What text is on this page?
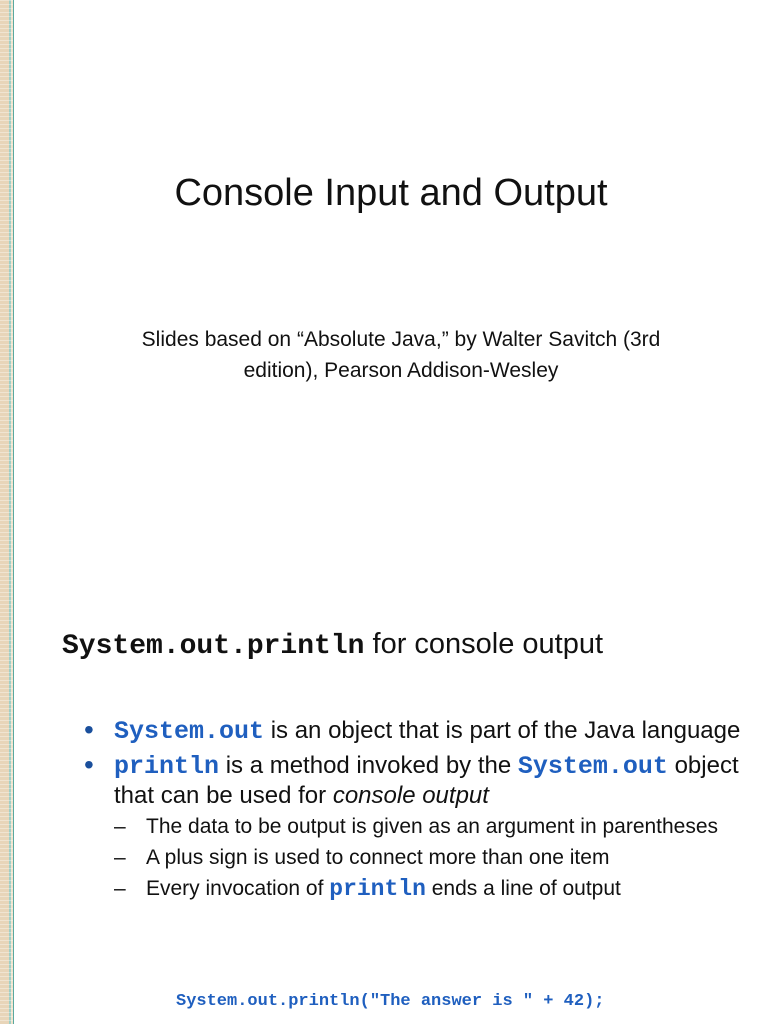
Console Input and Output
Slides based on “Absolute Java,” by Walter Savitch (3rd edition), Pearson Addison-Wesley
System.out.println for console output
• System.out is an object that is part of the Java language
• println is a method invoked by the System.out object that can be used for console output
– The data to be output is given as an argument in parentheses
– A plus sign is used to connect more than one item
– Every invocation of println ends a line of output
System.out.println("The answer is " + 42);
